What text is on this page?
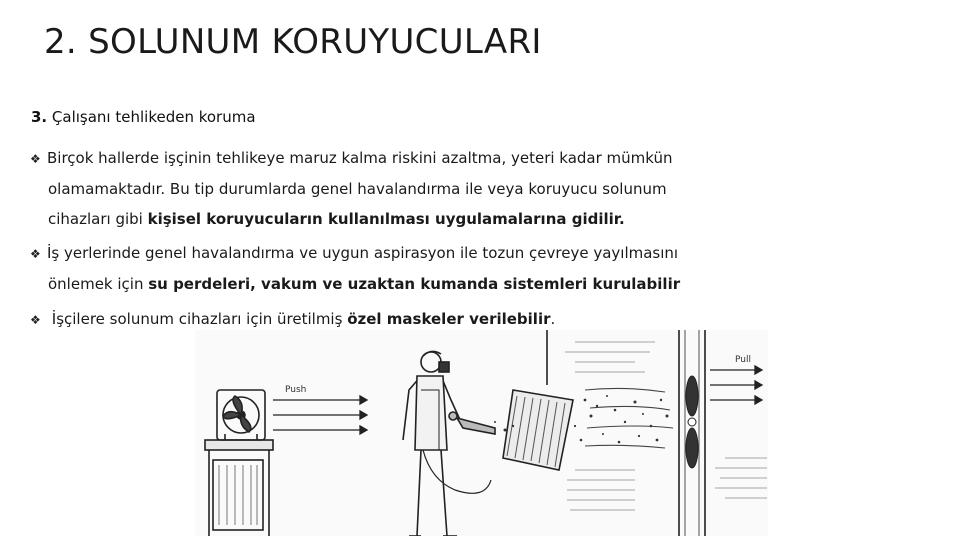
2. SOLUNUM KORUYUCULARI
3. Çalışanı tehlikeden koruma
❖ Birçok hallerde işçinin tehlikeye maruz kalma riskini azaltma, yeteri kadar mümkün
olamamaktadır. Bu tip durumlarda genel havalandırma ile veya koruyucu solunum
cihazları gibi kişisel koruyucuların kullanılması uygulamalarına gidilir.
❖ İş yerlerinde genel havalandırma ve uygun aspirasyon ile tozun çevreye yayılmasını
önlemek için su perdeleri, vakum ve uzaktan kumanda sistemleri kurulabilir
❖ İşçilere solunum cihazları için üretilmiş özel maskeler verilebilir.
Push
Pull
